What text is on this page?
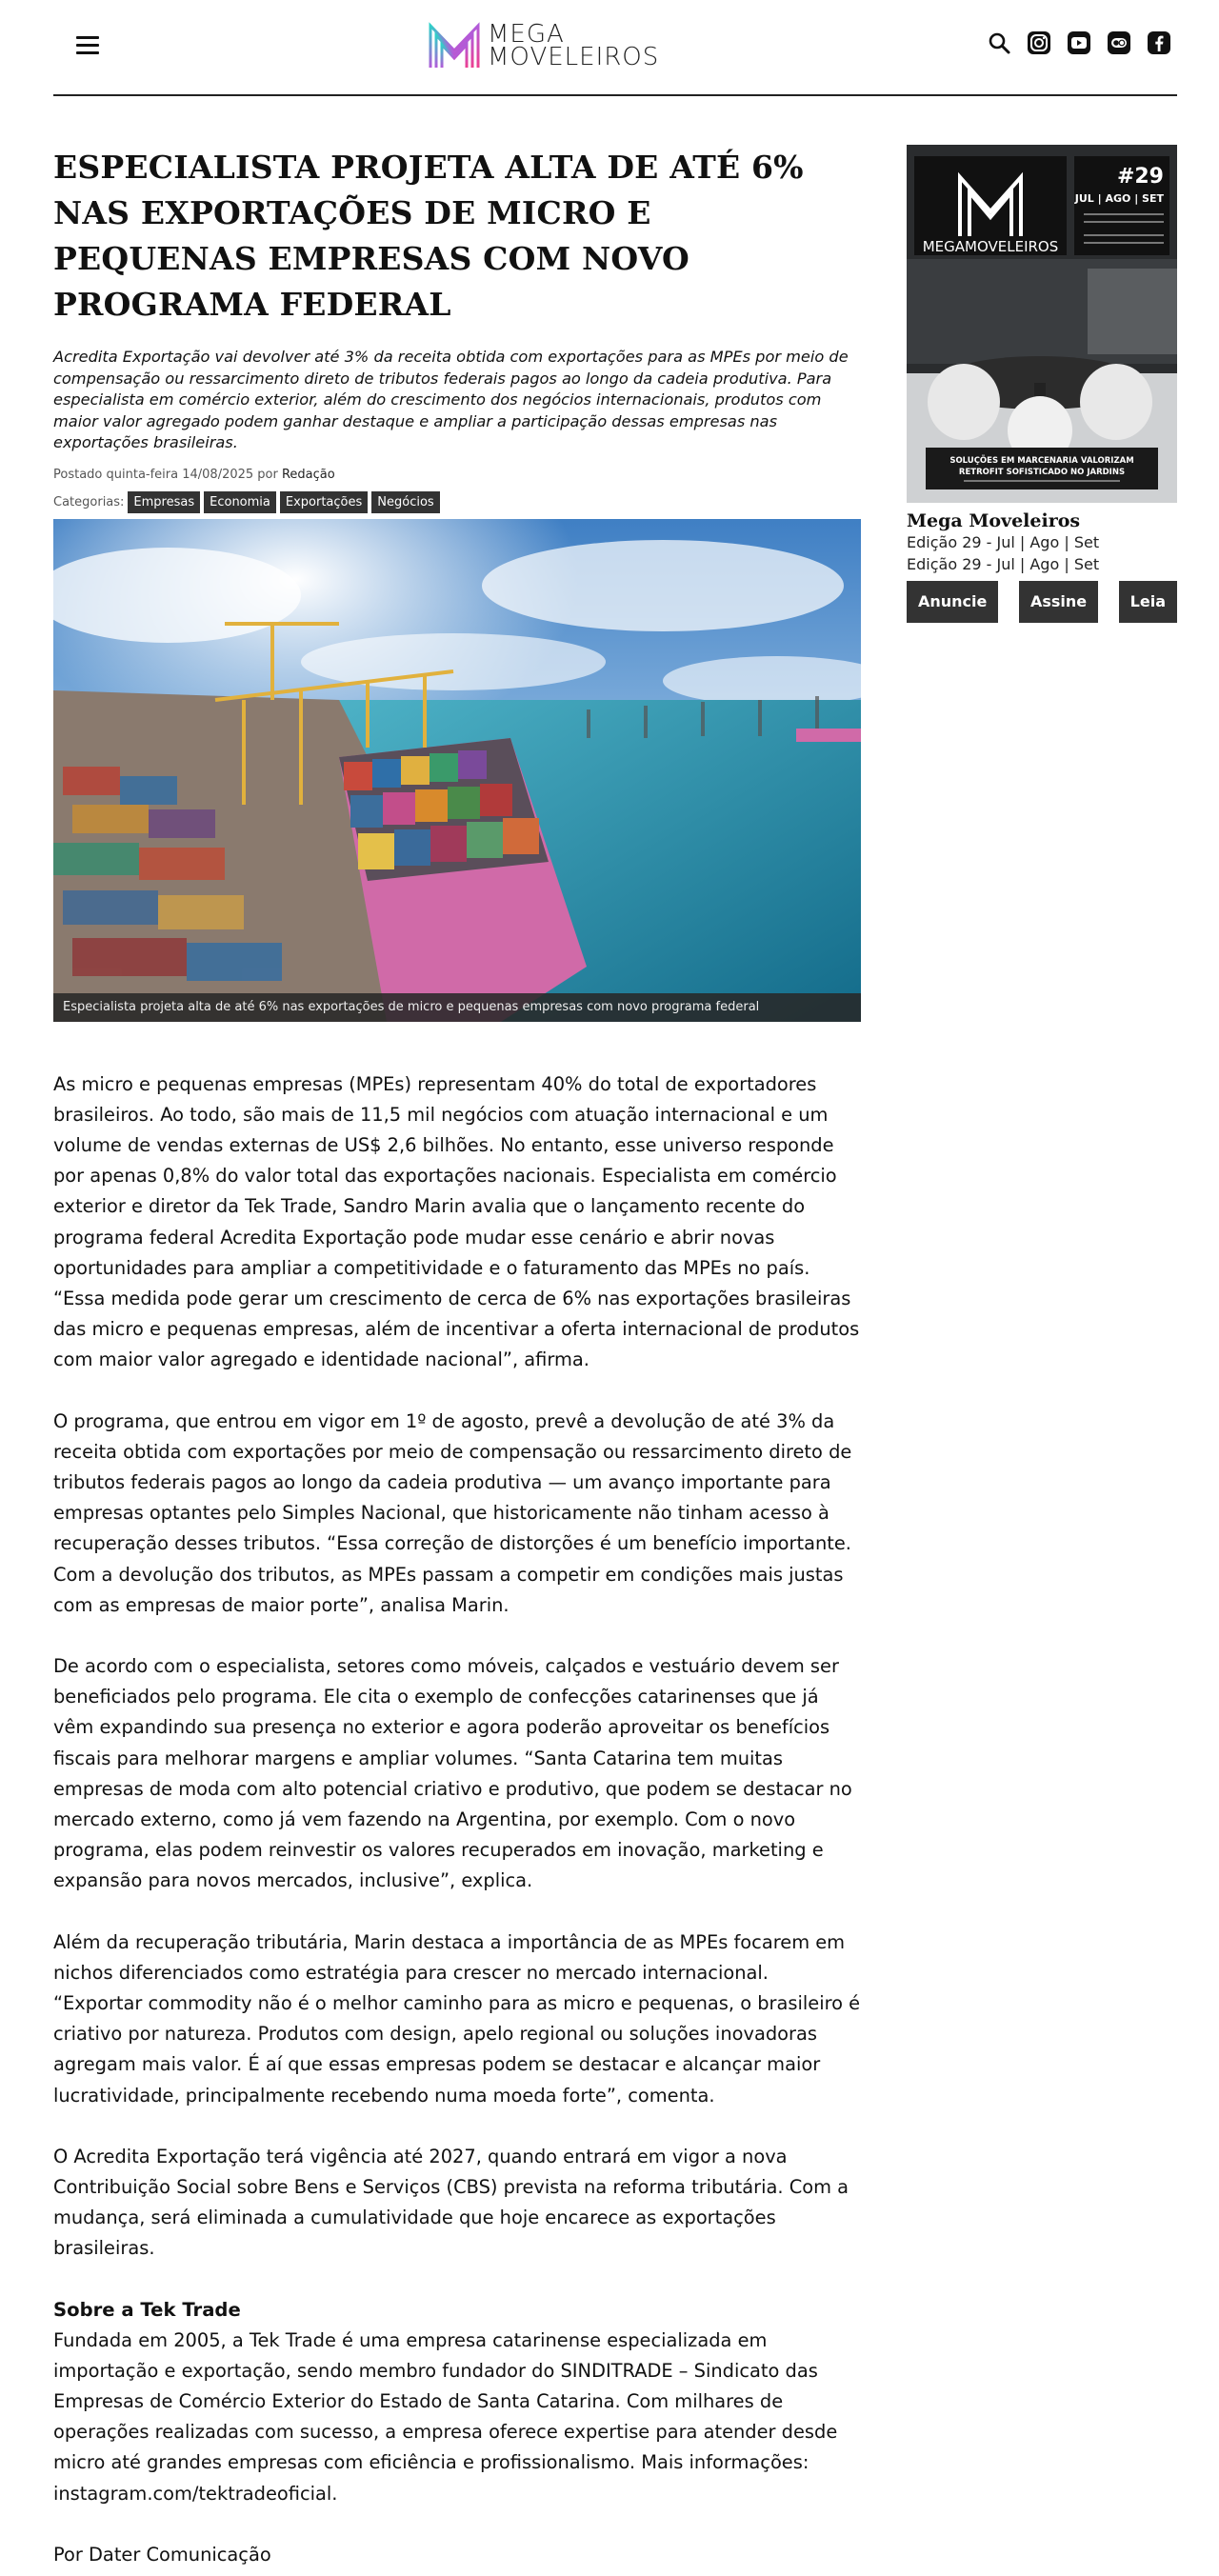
MEGA
MOVELEIROS
ESPECIALISTA PROJETA ALTA DE ATÉ 6% NAS EXPORTAÇÕES DE MICRO E PEQUENAS EMPRESAS COM NOVO PROGRAMA FEDERAL

Acredita Exportação vai devolver até 3% da receita obtida com exportações para as MPEs por meio de compensação ou ressarcimento direto de tributos federais pagos ao longo da cadeia produtiva. Para especialista em comércio exterior, além do crescimento dos negócios internacionais, produtos com maior valor agregado podem ganhar destaque e ampliar a participação dessas empresas nas exportações brasileiras.

Postado quinta-feira 14/08/2025 por Redação
Categorias: Empresas	Economia	Exportações	Negócios
Especialista projeta alta de até 6% nas exportações de micro e pequenas empresas com novo programa federal

As micro e pequenas empresas (MPEs) representam 40% do total de exportadores brasileiros. Ao todo, são mais de 11,5 mil negócios com atuação internacional e um volume de vendas externas de US$ 2,6 bilhões. No entanto, esse universo responde por apenas 0,8% do valor total das exportações nacionais. Especialista em comércio exterior e diretor da Tek Trade, Sandro Marin avalia que o lançamento recente do programa federal Acredita Exportação pode mudar esse cenário e abrir novas oportunidades para ampliar a competitividade e o faturamento das MPEs no país. “Essa medida pode gerar um crescimento de cerca de 6% nas exportações brasileiras das micro e pequenas empresas, além de incentivar a oferta internacional de produtos com maior valor agregado e identidade nacional”, afirma.

O programa, que entrou em vigor em 1º de agosto, prevê a devolução de até 3% da receita obtida com exportações por meio de compensação ou ressarcimento direto de tributos federais pagos ao longo da cadeia produtiva — um avanço importante para empresas optantes pelo Simples Nacional, que historicamente não tinham acesso à recuperação desses tributos. “Essa correção de distorções é um benefício importante. Com a devolução dos tributos, as MPEs passam a competir em condições mais justas com as empresas de maior porte”, analisa Marin.

De acordo com o especialista, setores como móveis, calçados e vestuário devem ser beneficiados pelo programa. Ele cita o exemplo de confecções catarinenses que já vêm expandindo sua presença no exterior e agora poderão aproveitar os benefícios fiscais para melhorar margens e ampliar volumes. “Santa Catarina tem muitas empresas de moda com alto potencial criativo e produtivo, que podem se destacar no mercado externo, como já vem fazendo na Argentina, por exemplo. Com o novo programa, elas podem reinvestir os valores recuperados em inovação, marketing e expansão para novos mercados, inclusive”, explica.

Além da recuperação tributária, Marin destaca a importância de as MPEs focarem em nichos diferenciados como estratégia para crescer no mercado internacional. “Exportar commodity não é o melhor caminho para as micro e pequenas, o brasileiro é criativo por natureza. Produtos com design, apelo regional ou soluções inovadoras agregam mais valor. É aí que essas empresas podem se destacar e alcançar maior lucratividade, principalmente recebendo numa moeda forte”, comenta.

O Acredita Exportação terá vigência até 2027, quando entrará em vigor a nova Contribuição Social sobre Bens e Serviços (CBS) prevista na reforma tributária. Com a mudança, será eliminada a cumulatividade que hoje encarece as exportações brasileiras.

Sobre a Tek Trade

Fundada em 2005, a Tek Trade é uma empresa catarinense especializada em importação e exportação, sendo membro fundador do SINDITRADE – Sindicato das Empresas de Comércio Exterior do Estado de Santa Catarina. Com milhares de operações realizadas com sucesso, a empresa oferece expertise para atender desde micro até grandes empresas com eficiência e profissionalismo. Mais informações: instagram.com/tektradeoficial.

Por Dater Comunicação
MEGAMOVELEIROS
#29
JUL | AGO | SET
SOLUÇÕES EM MARCENARIA VALORIZAM
RETROFIT SOFISTICADO NO JARDINS
Mega Moveleiros
Edição 29 - Jul | Ago | Set
Edição 29 - Jul | Ago | Set
Anuncie	Assine	Leia
